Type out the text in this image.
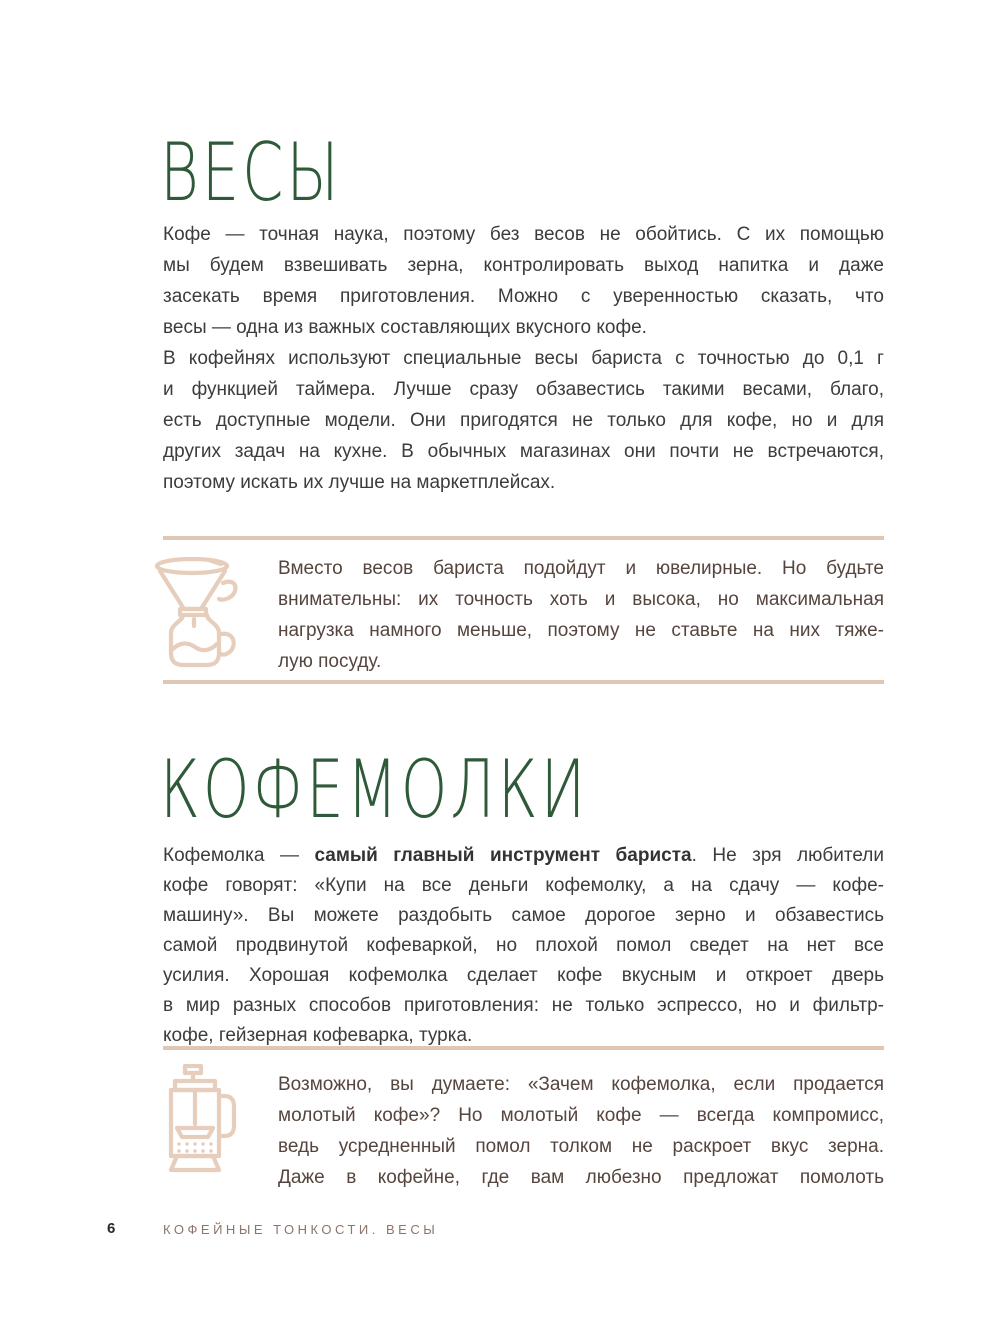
ВЕСЫ
Кофе — точная наука, поэтому без весов не обойтись. С их помощью
мы будем взвешивать зерна, контролировать выход напитка и даже
засекать время приготовления. Можно с уверенностью сказать, что
весы — одна из важных составляющих вкусного кофе.
В кофейнях используют специальные весы бариста с точностью до 0,1 г
и функцией таймера. Лучше сразу обзавестись такими весами, благо,
есть доступные модели. Они пригодятся не только для кофе, но и для
других задач на кухне. В обычных магазинах они почти не встречаются,
поэтому искать их лучше на маркетплейсах.
Вместо весов бариста подойдут и ювелирные. Но будьте
внимательны: их точность хоть и высока, но максимальная
нагрузка намного меньше, поэтому не ставьте на них тяже-
лую посуду.
КОФЕМОЛКИ
Кофемолка — самый главный инструмент бариста. Не зря любители
кофе говорят: «Купи на все деньги кофемолку, а на сдачу — кофе-
машину». Вы можете раздобыть самое дорогое зерно и обзавестись
самой продвинутой кофеваркой, но плохой помол сведет на нет все
усилия. Хорошая кофемолка сделает кофе вкусным и откроет дверь
в мир разных способов приготовления: не только эспрессо, но и фильтр-
кофе, гейзерная кофеварка, турка.
Возможно, вы думаете: «Зачем кофемолка, если продается
молотый кофе»? Но молотый кофе — всегда компромисс,
ведь усредненный помол толком не раскроет вкус зерна.
Даже в кофейне, где вам любезно предложат помолоть
6	КОФЕЙНЫЕ ТОНКОСТИ. ВЕСЫ
